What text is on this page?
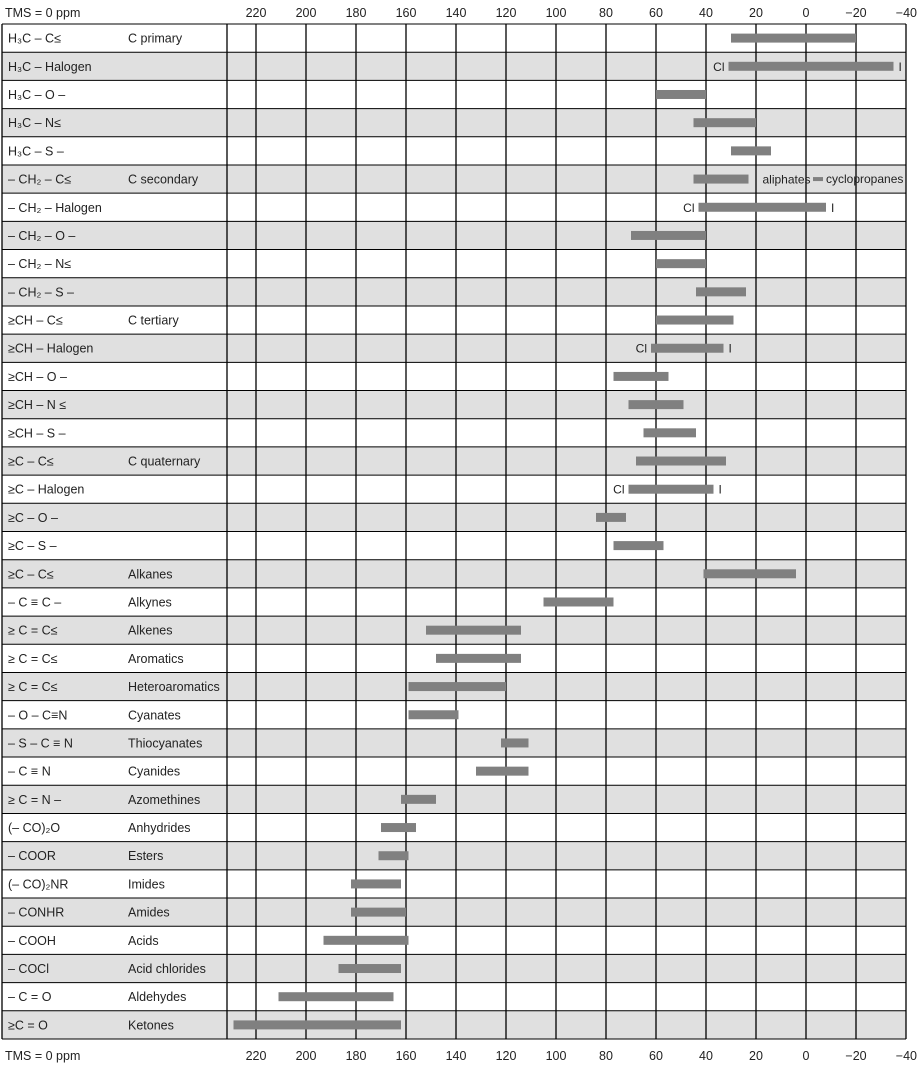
H₃C – C≤	C primary
H₃C – Halogen	Cl	I
H₃C – O –
H₃C – N≤
H₃C – S –
– CH₂ – C≤	C secondary	aliphates cyclopropanes
– CH₂ – Halogen	Cl	I
– CH₂ – O –
– CH₂ – N≤
– CH₂ – S –
≥CH – C≤	C tertiary
≥CH – Halogen	Cl	I
≥CH – O –
≥CH – N ≤
≥CH – S –
≥C – C≤	C quaternary
≥C – Halogen	Cl	I
≥C – O –
≥C – S –
≥C – C≤	Alkanes
– C ≡ C –	Alkynes
≥ C = C≤	Alkenes
≥ C = C≤	Aromatics
≥ C = C≤	Heteroaromatics
– O – C≡N	Cyanates
– S – C ≡ N	Thiocyanates
– C ≡ N	Cyanides
≥ C = N –	Azomethines
(– CO)₂O	Anhydrides
– COOR	Esters
(– CO)₂NR	Imides
– CONHR	Amides
– COOH	Acids
– COCl	Acid chlorides
– C = O	Aldehydes
≥C = O	Ketones
TMS = 0 ppm	220 200 180 160 140 120 100	80	60	40	20	0	−20 −40
TMS = 0 ppm	220 200 180 160 140 120 100	80	60	40	20	0	−20 −40
